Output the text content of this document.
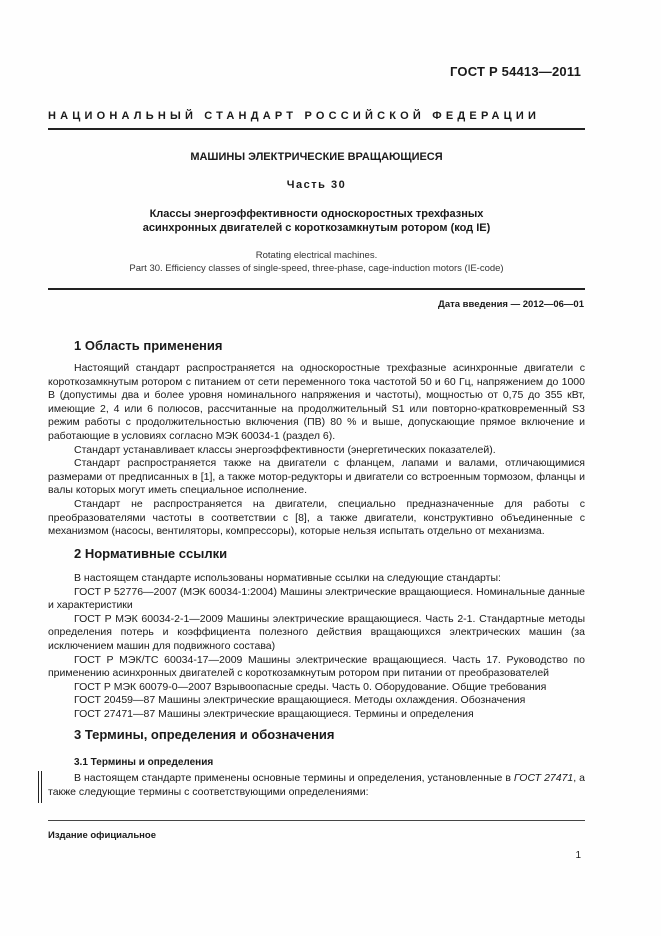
ГОСТ Р 54413—2011
НАЦИОНАЛЬНЫЙ СТАНДАРТ РОССИЙСКОЙ ФЕДЕРАЦИИ
МАШИНЫ ЭЛЕКТРИЧЕСКИЕ ВРАЩАЮЩИЕСЯ
Часть 30
Классы энергоэффективности односкоростных трехфазных
асинхронных двигателей с короткозамкнутым ротором (код IE)
Rotating electrical machines.
Part 30. Efficiency classes of single-speed, three-phase, cage-induction motors (IE-code)
Дата введения — 2012—06—01
1 Область применения

Настоящий стандарт распространяется на односкоростные трехфазные асинхронные двигатели с короткозамкнутым ротором с питанием от сети переменного тока частотой 50 и 60 Гц, напряжением до 1000 В (допустимы два и более уровня номинального напряжения и частоты), мощностью от 0,75 до 355 кВт, имеющие 2, 4 или 6 полюсов, рассчитанные на продолжительный S1 или повторно-кратковременный S3 режим работы с продолжительностью включения (ПВ) 80 % и выше, допускающие прямое включение и работающие в условиях согласно МЭК 60034-1 (раздел 6).

Стандарт устанавливает классы энергоэффективности (энергетических показателей).

Стандарт распространяется также на двигатели с фланцем, лапами и валами, отличающимися размерами от предписанных в [1], а также мотор-редукторы и двигатели со встроенным тормозом, фланцы и валы которых могут иметь специальное исполнение.

Стандарт не распространяется на двигатели, специально предназначенные для работы с преобразователями частоты в соответствии с [8], а также двигатели, конструктивно объединенные с механизмом (насосы, вентиляторы, компрессоры), которые нельзя испытать отдельно от механизма.

2 Нормативные ссылки

В настоящем стандарте использованы нормативные ссылки на следующие стандарты:

ГОСТ Р 52776—2007 (МЭК 60034-1:2004) Машины электрические вращающиеся. Номинальные данные и характеристики

ГОСТ Р МЭК 60034-2-1—2009 Машины электрические вращающиеся. Часть 2-1. Стандартные методы определения потерь и коэффициента полезного действия вращающихся электрических машин (за исключением машин для подвижного состава)

ГОСТ Р МЭК/ТС 60034-17—2009 Машины электрические вращающиеся. Часть 17. Руководство по применению асинхронных двигателей с короткозамкнутым ротором при питании от преобразователей

ГОСТ Р МЭК 60079-0—2007 Взрывоопасные среды. Часть 0. Оборудование. Общие требования

ГОСТ 20459—87 Машины электрические вращающиеся. Методы охлаждения. Обозначения

ГОСТ 27471—87 Машины электрические вращающиеся. Термины и определения

3 Термины, определения и обозначения
3.1 Термины и определения

В настоящем стандарте применены основные термины и определения, установленные в ГОСТ 27471, а также следующие термины с соответствующими определениями:

Издание официальное
1
